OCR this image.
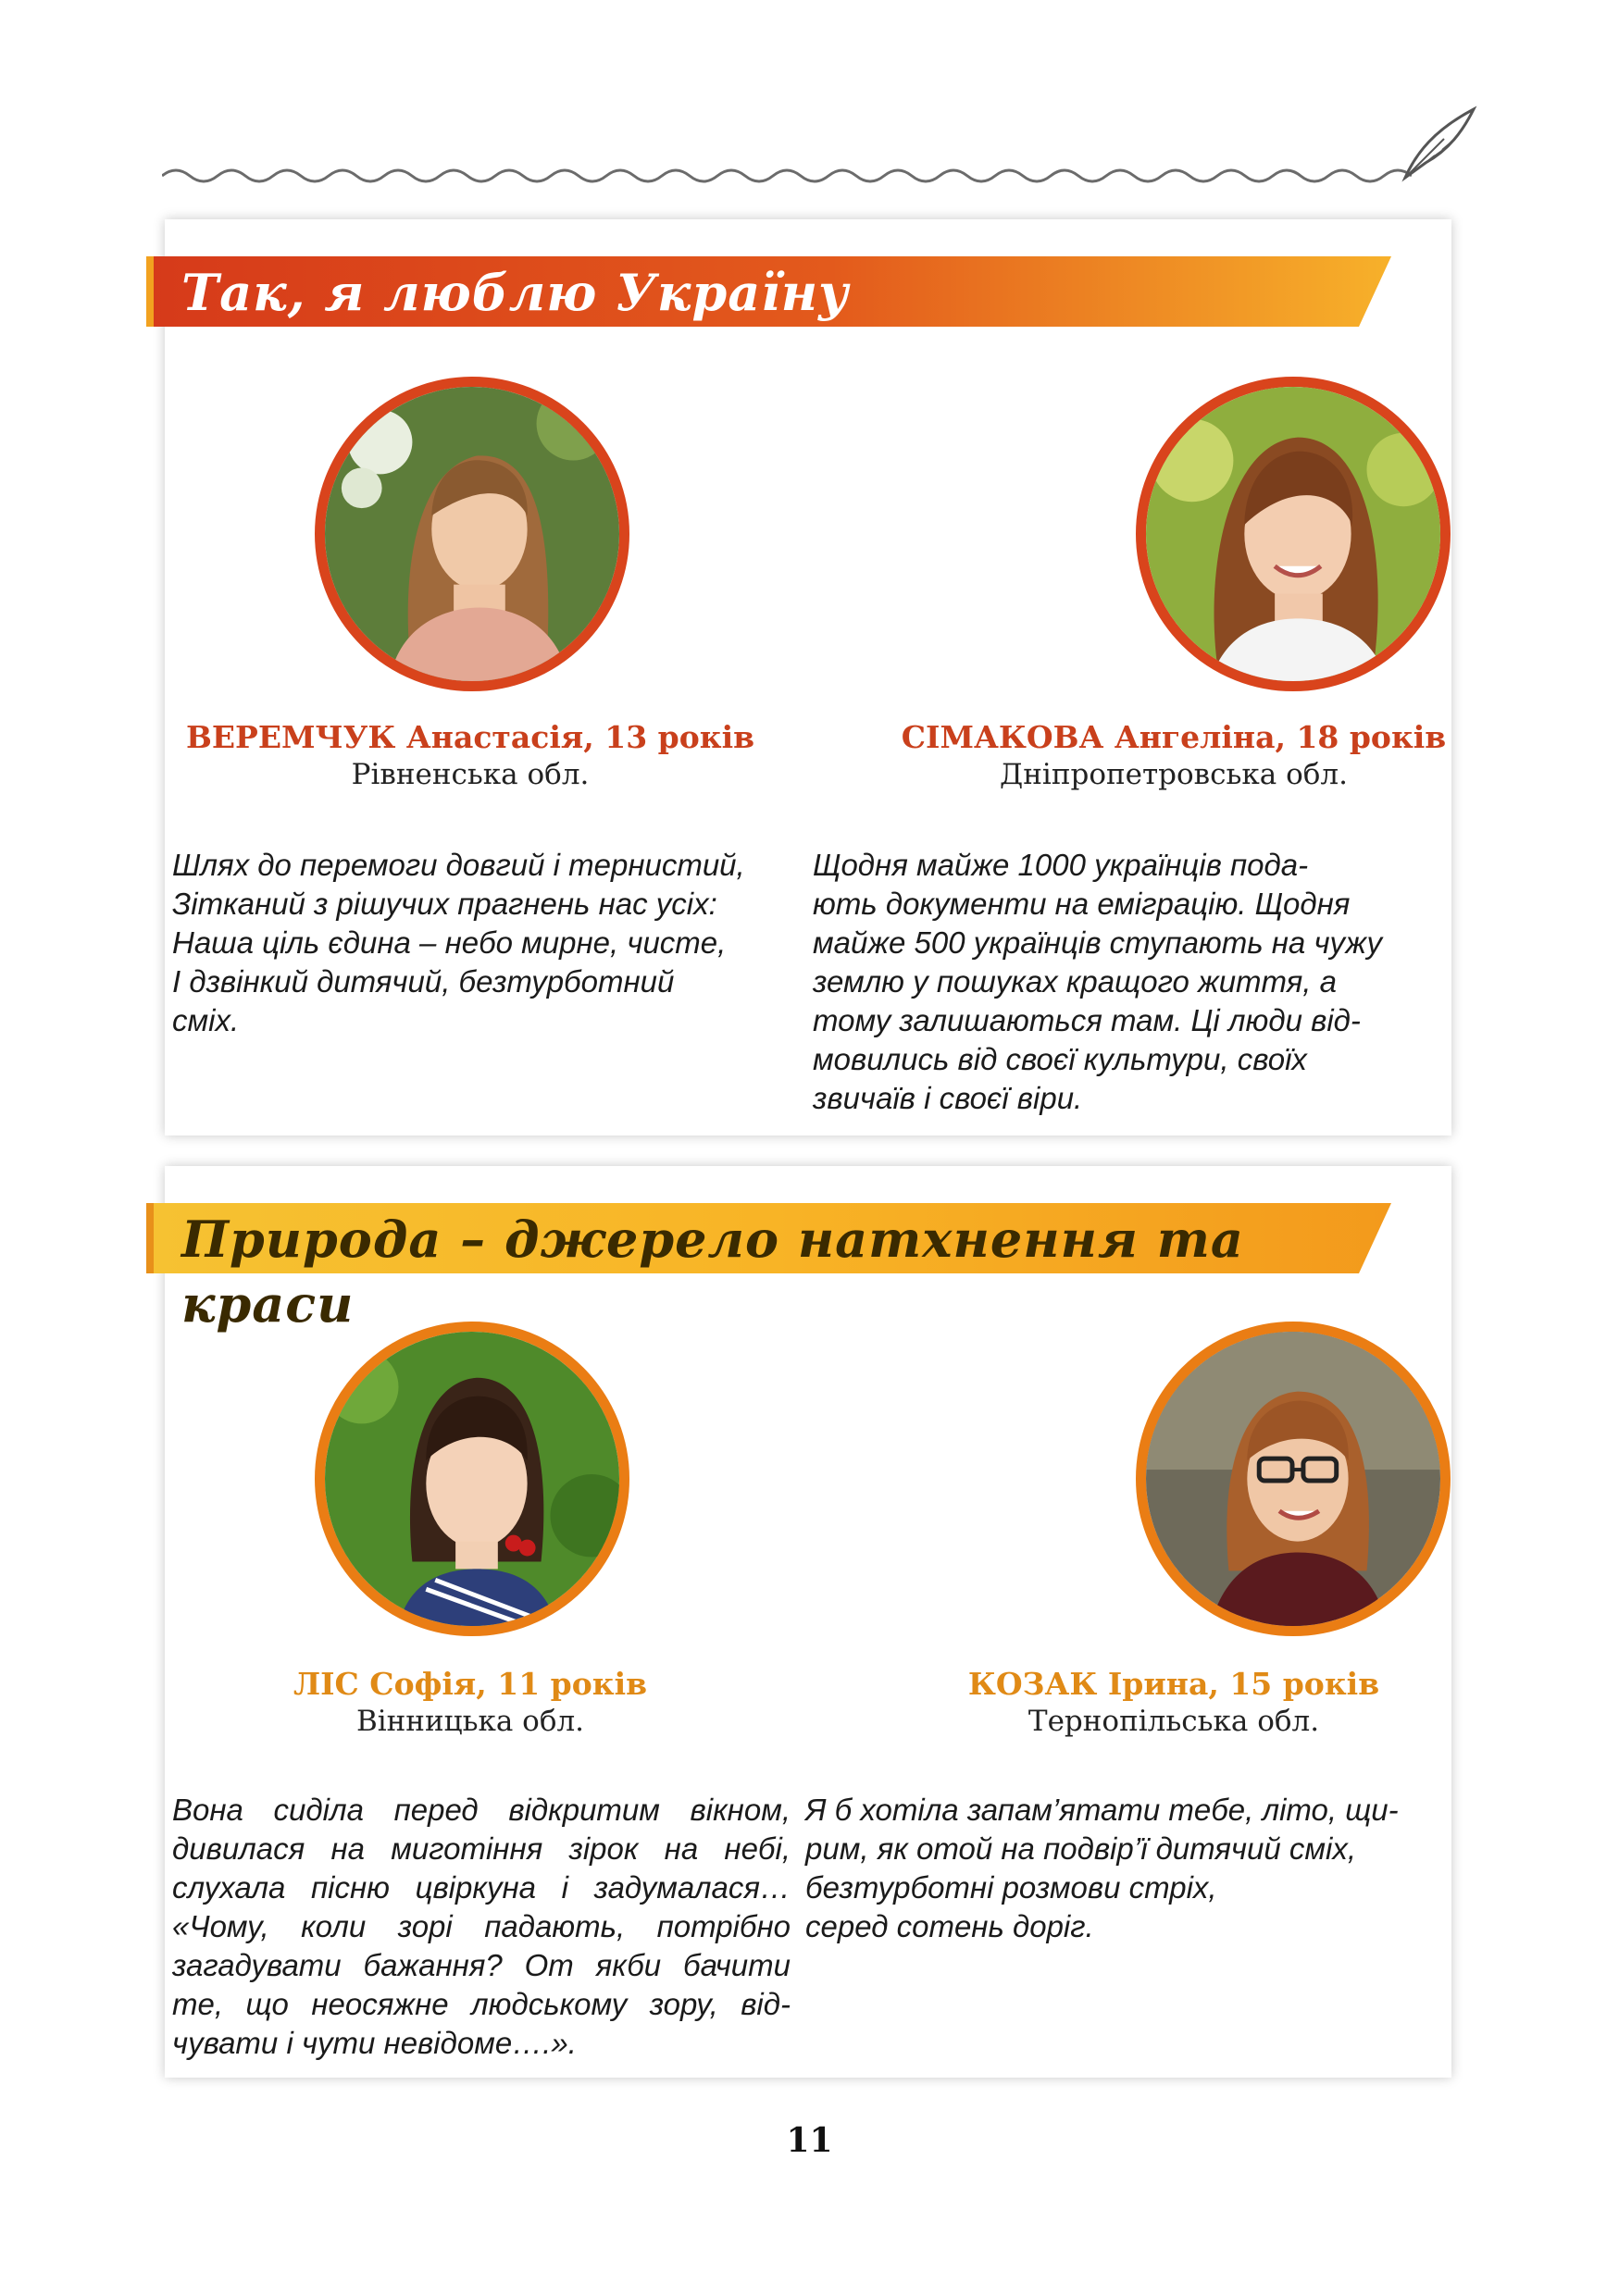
Так, я люблю Україну
ВЕРЕМЧУК Анастасія, 13 років
Рівненська обл.
Шлях до перемоги довгий і тернистий,
Зітканий з рішучих прагнень нас усіх:
Наша ціль єдина – небо мирне, чисте,
І дзвінкий дитячий, безтурботний
сміх.
СІМАКОВА Ангеліна, 18 років
Дніпропетровська обл.
Щодня майже 1000 українців пода-
ють документи на еміграцію. Щодня
майже 500 українців ступають на чужу
землю у пошуках кращого життя, а
тому залишаються там. Ці люди від-
мовились від своєї культури, своїх
звичаїв і своєї віри.
Природа – джерело натхнення та краси
ЛІС Софія, 11 років
Вінницька обл.
Вона сиділа перед відкритим вікном,
дивилася на миготіння зірок на небі,
слухала пісню цвіркуна і задумалася…
«Чому, коли зорі падають, потрібно
загадувати бажання? От якби бачити
те, що неосяжне людському зору, від-
чувати і чути невідоме….».
КОЗАК Ірина, 15 років
Тернопільська обл.
Я б хотіла запам’ятати тебе, літо, щи-
рим, як отой на подвір’ї дитячий сміх,
безтурботні розмови стріх,
серед сотень доріг.
11
